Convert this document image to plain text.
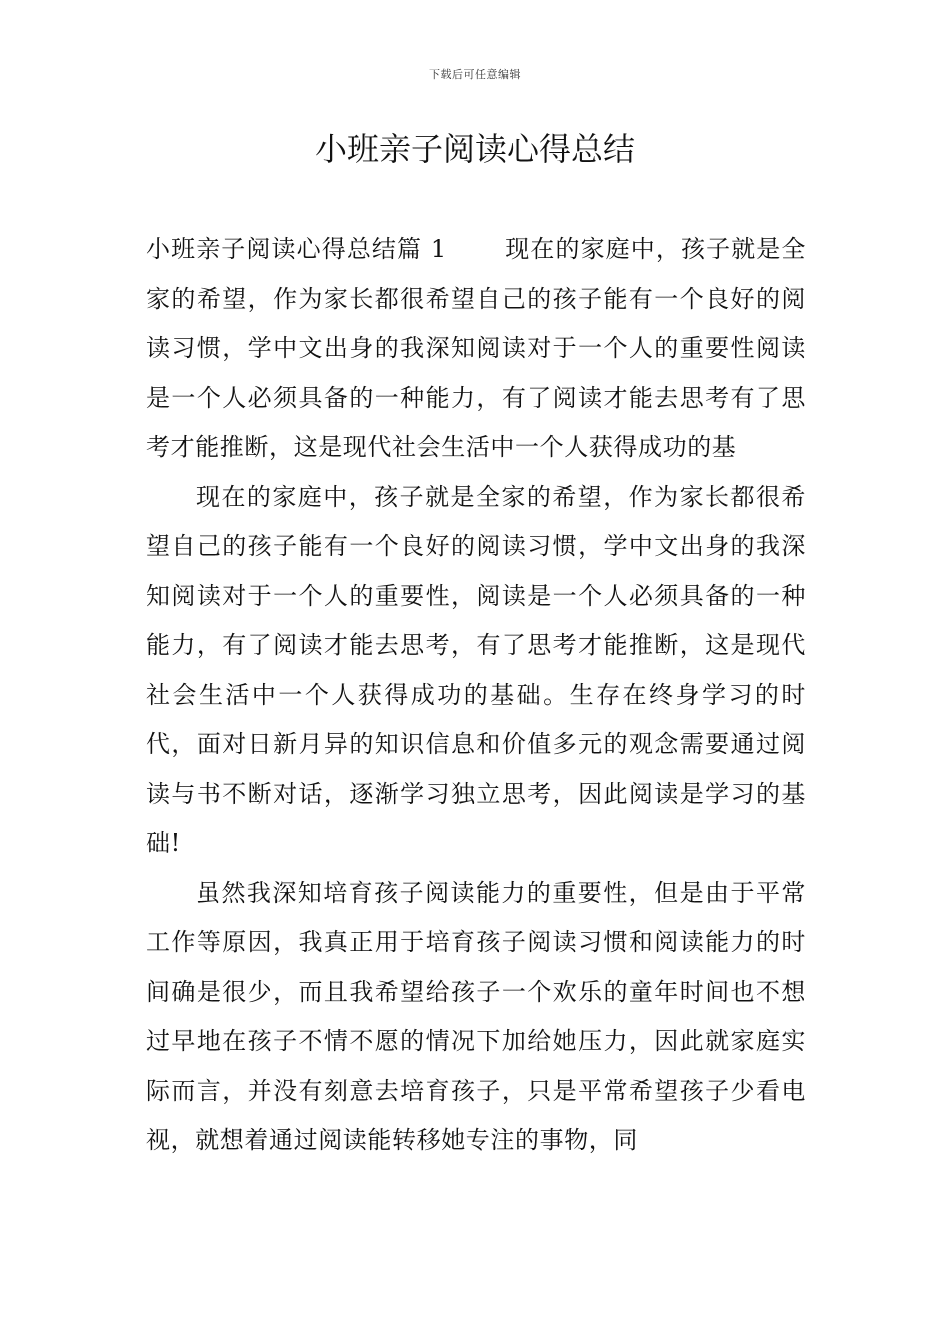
下载后可任意编辑
小班亲子阅读心得总结

小班亲子阅读心得总结篇 1 现在的家庭中，孩子就是全家的希望，作为家长都很希望自己的孩子能有一个良好的阅读习惯，学中文出身的我深知阅读对于一个人的重要性阅读是一个人必须具备的一种能力，有了阅读才能去思考有了思考才能推断，这是现代社会生活中一个人获得成功的基

现在的家庭中，孩子就是全家的希望，作为家长都很希望自己的孩子能有一个良好的阅读习惯，学中文出身的我深知阅读对于一个人的重要性，阅读是一个人必须具备的一种能力，有了阅读才能去思考，有了思考才能推断，这是现代社会生活中一个人获得成功的基础。生存在终身学习的时代，面对日新月异的知识信息和价值多元的观念需要通过阅读与书不断对话，逐渐学习独立思考，因此阅读是学习的基础!

虽然我深知培育孩子阅读能力的重要性，但是由于平常工作等原因，我真正用于培育孩子阅读习惯和阅读能力的时间确是很少，而且我希望给孩子一个欢乐的童年时间也不想过早地在孩子不情不愿的情况下加给她压力，因此就家庭实际而言，并没有刻意去培育孩子，只是平常希望孩子少看电视，就想着通过阅读能转移她专注的事物，同
